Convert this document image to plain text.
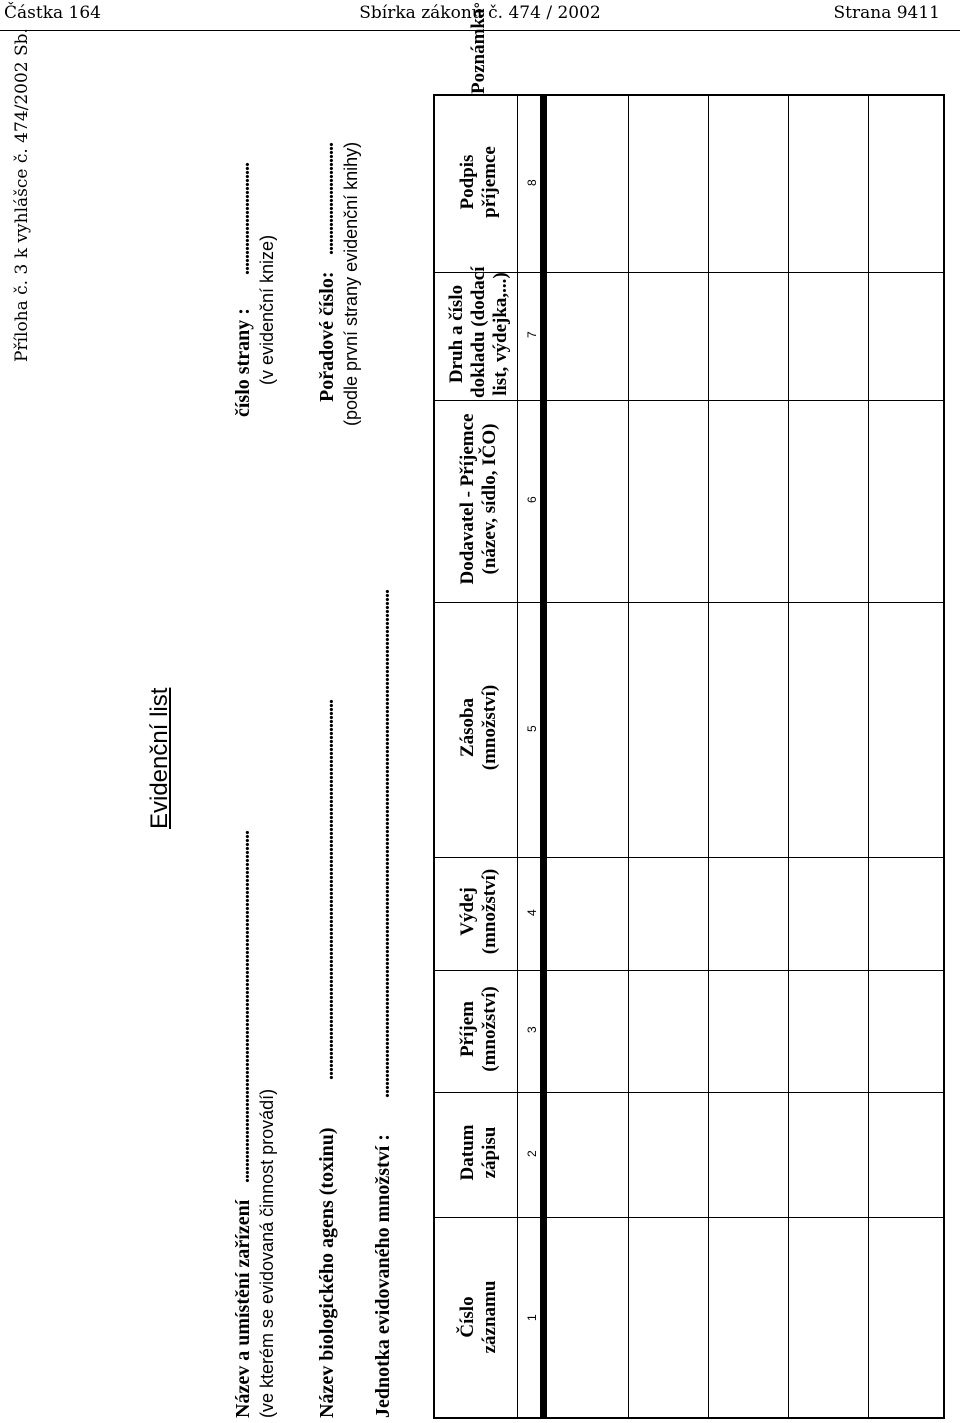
Částka 164	Sbírka zákonů č. 474 / 2002	Strana 9411
Příloha č. 3 k vyhlášce č. 474/2002 Sb.
Evidenční list
Název a umístění zařízení
........................................................................................
(ve kterém se evidovaná činnost provádí)
číslo strany :
............................
(v evidenční knize)
Název biologického agens (toxinu)
...............................................................................................
Pořadové číslo:
............................ (podle první strany evidenční knihy)
Jednotka evidovaného množství :
...............................................................................................................................
Číslo záznamu 1
Datum zápisu 2
Příjem (množství) 3
Výdej (množství) 4
Zásoba (množství) 5
Dodavatel - Příjemce (název, sídlo, IČO) 6
Druh a číslo dokladu (dodací list, výdejka,...) 7
Podpis příjemce 8
Poznámka
